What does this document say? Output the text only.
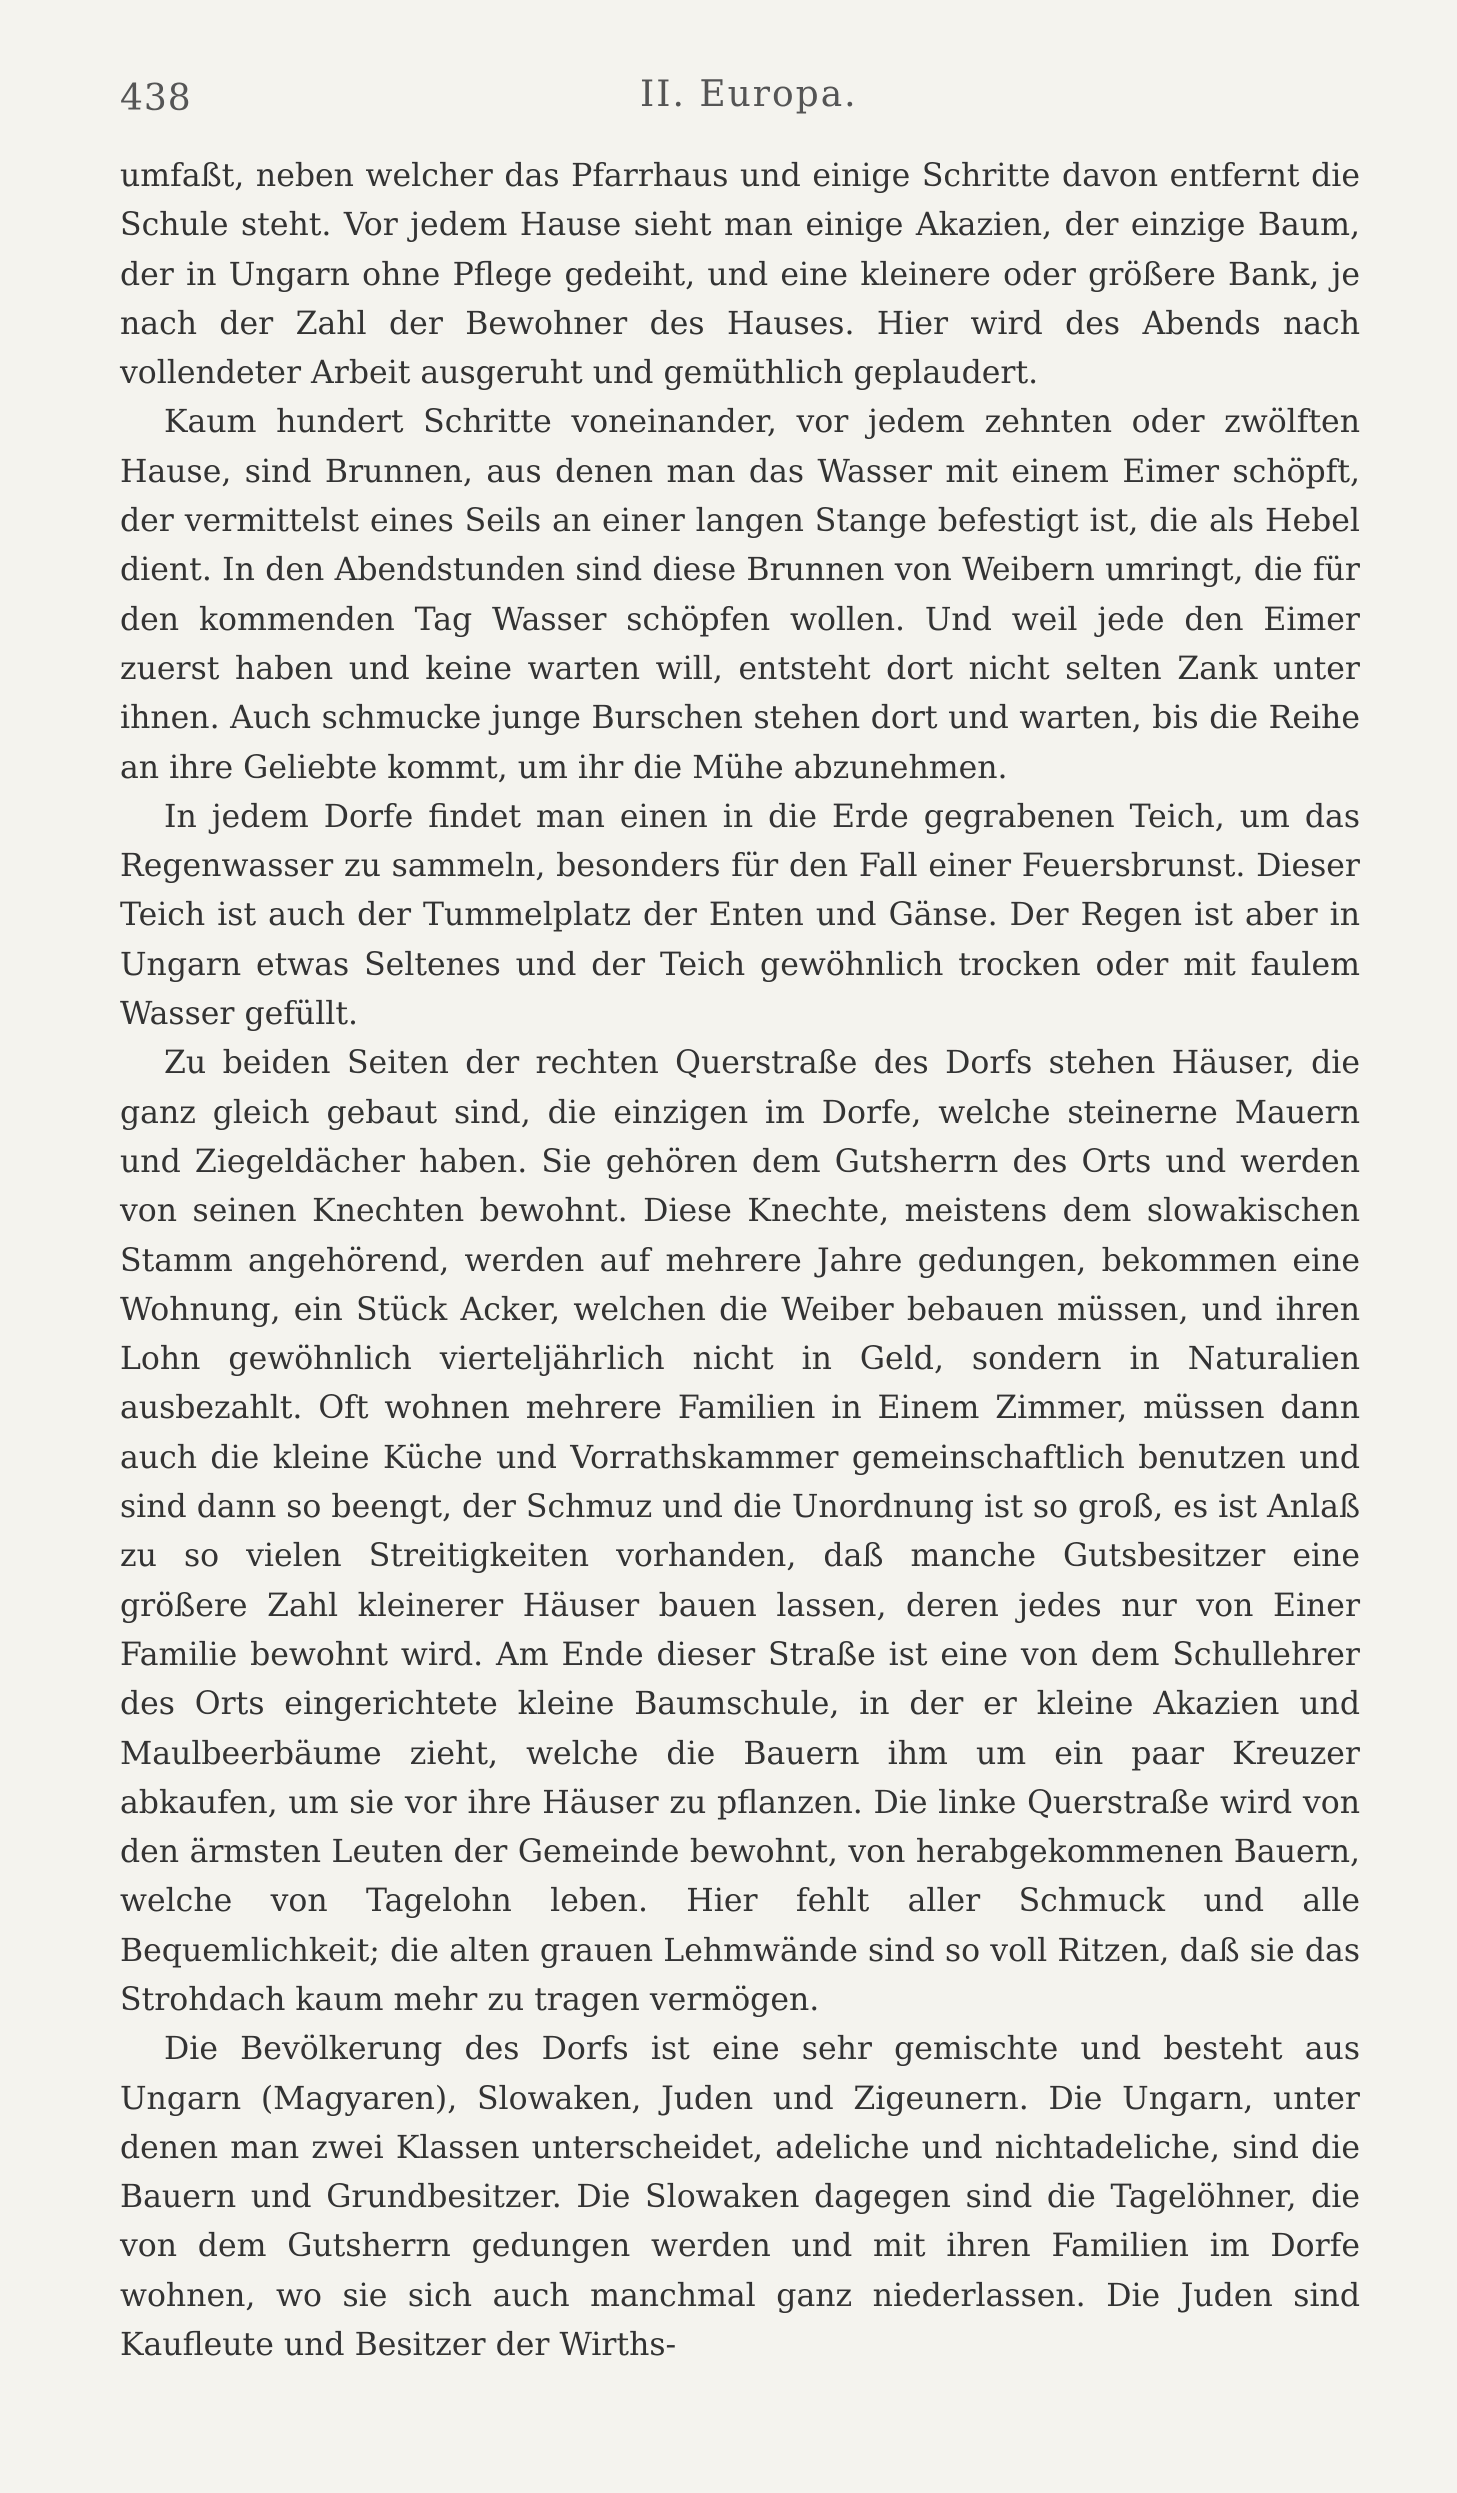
438	II. Europa.

umfaßt, neben welcher das Pfarrhaus und einige Schritte davon entfernt die Schule steht. Vor jedem Hause sieht man einige Akazien, der einzige Baum, der in Ungarn ohne Pflege gedeiht, und eine kleinere oder größere Bank, je nach der Zahl der Bewohner des Hauses. Hier wird des Abends nach vollendeter Arbeit ausgeruht und gemüthlich geplaudert.

Kaum hundert Schritte voneinander, vor jedem zehnten oder zwölften Hause, sind Brunnen, aus denen man das Wasser mit einem Eimer schöpft, der vermittelst eines Seils an einer langen Stange befestigt ist, die als Hebel dient. In den Abendstunden sind diese Brunnen von Weibern umringt, die für den kommenden Tag Wasser schöpfen wollen. Und weil jede den Eimer zuerst haben und keine warten will, entsteht dort nicht selten Zank unter ihnen. Auch schmucke junge Burschen stehen dort und warten, bis die Reihe an ihre Geliebte kommt, um ihr die Mühe abzunehmen.

In jedem Dorfe findet man einen in die Erde gegrabenen Teich, um das Regenwasser zu sammeln, besonders für den Fall einer Feuersbrunst. Dieser Teich ist auch der Tummelplatz der Enten und Gänse. Der Regen ist aber in Ungarn etwas Seltenes und der Teich gewöhnlich trocken oder mit faulem Wasser gefüllt.

Zu beiden Seiten der rechten Querstraße des Dorfs stehen Häuser, die ganz gleich gebaut sind, die einzigen im Dorfe, welche steinerne Mauern und Ziegeldächer haben. Sie gehören dem Gutsherrn des Orts und werden von seinen Knechten bewohnt. Diese Knechte, meistens dem slowakischen Stamm angehörend, werden auf mehrere Jahre gedungen, bekommen eine Wohnung, ein Stück Acker, welchen die Weiber bebauen müssen, und ihren Lohn gewöhnlich vierteljährlich nicht in Geld, sondern in Naturalien ausbezahlt. Oft wohnen mehrere Familien in Einem Zimmer, müssen dann auch die kleine Küche und Vorrathskammer gemeinschaftlich benutzen und sind dann so beengt, der Schmuz und die Unordnung ist so groß, es ist Anlaß zu so vielen Streitigkeiten vorhanden, daß manche Gutsbesitzer eine größere Zahl kleinerer Häuser bauen lassen, deren jedes nur von Einer Familie bewohnt wird. Am Ende dieser Straße ist eine von dem Schullehrer des Orts eingerichtete kleine Baumschule, in der er kleine Akazien und Maulbeerbäume zieht, welche die Bauern ihm um ein paar Kreuzer abkaufen, um sie vor ihre Häuser zu pflanzen. Die linke Querstraße wird von den ärmsten Leuten der Gemeinde bewohnt, von herabgekommenen Bauern, welche von Tagelohn leben. Hier fehlt aller Schmuck und alle Bequemlichkeit; die alten grauen Lehmwände sind so voll Ritzen, daß sie das Strohdach kaum mehr zu tragen vermögen.

Die Bevölkerung des Dorfs ist eine sehr gemischte und besteht aus Ungarn (Magyaren), Slowaken, Juden und Zigeunern. Die Ungarn, unter denen man zwei Klassen unterscheidet, adeliche und nichtadeliche, sind die Bauern und Grundbesitzer. Die Slowaken dagegen sind die Tagelöhner, die von dem Gutsherrn gedungen werden und mit ihren Familien im Dorfe wohnen, wo sie sich auch manchmal ganz niederlassen. Die Juden sind Kaufleute und Besitzer der Wirths-
